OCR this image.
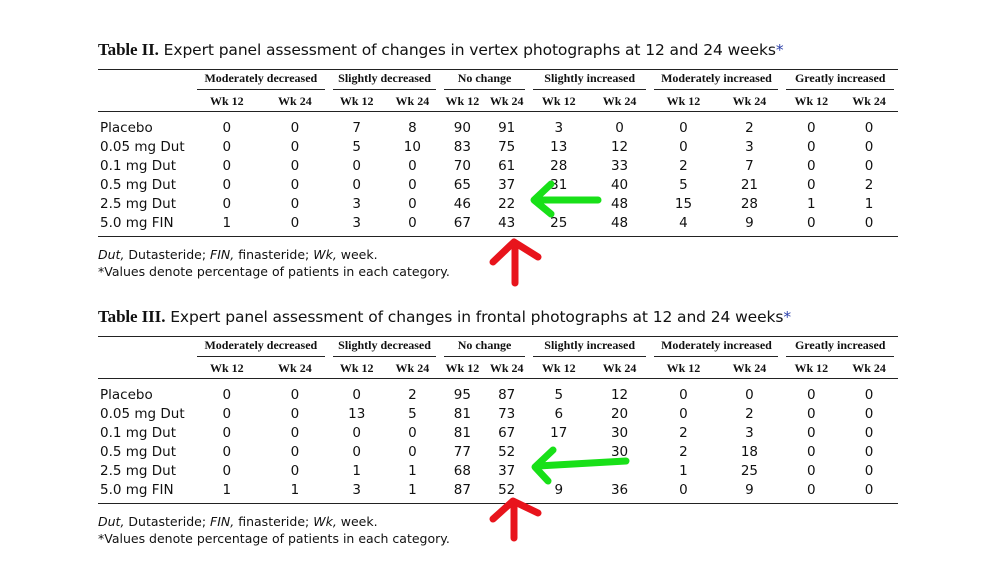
Table II. Expert panel assessment of changes in vertex photographs at 12 and 24 weeks*

	Moderately decreased		Slightly decreased		No change		Slightly increased		Moderately increased		Greatly increased	

	Wk 12	Wk 24	Wk 12	Wk 24	Wk 12	Wk 24	Wk 12	Wk 24	Wk 12	Wk 24	Wk 12	Wk 24
Placebo	0	0	7	8	90	91	3	0	0	2	0	0
0.05 mg Dut	0	0	5	10	83	75	13	12	0	3	0	0
0.1 mg Dut	0	0	0	0	70	61	28	33	2	7	0	0
0.5 mg Dut	0	0	0	0	65	37	31	40	5	21	0	2
2.5 mg Dut	0	0	3	0	46	22		48	15	28	1	1
5.0 mg FIN	1	0	3	0	67	43	25	48	4	9	0	0
Dut, Dutasteride; FIN, finasteride; Wk, week.
*Values denote percentage of patients in each category.
Table III. Expert panel assessment of changes in frontal photographs at 12 and 24 weeks*

	Moderately decreased		Slightly decreased		No change		Slightly increased		Moderately increased		Greatly increased	

	Wk 12	Wk 24	Wk 12	Wk 24	Wk 12	Wk 24	Wk 12	Wk 24	Wk 12	Wk 24	Wk 12	Wk 24
Placebo	0	0	0	2	95	87	5	12	0	0	0	0
0.05 mg Dut	0	0	13	5	81	73	6	20	0	2	0	0
0.1 mg Dut	0	0	0	0	81	67	17	30	2	3	0	0
0.5 mg Dut	0	0	0	0	77	52		30	2	18	0	0
2.5 mg Dut	0	0	1	1	68	37			1	25	0	0
5.0 mg FIN	1	1	3	1	87	52	9	36	0	9	0	0
Dut, Dutasteride; FIN, finasteride; Wk, week.
*Values denote percentage of patients in each category.
